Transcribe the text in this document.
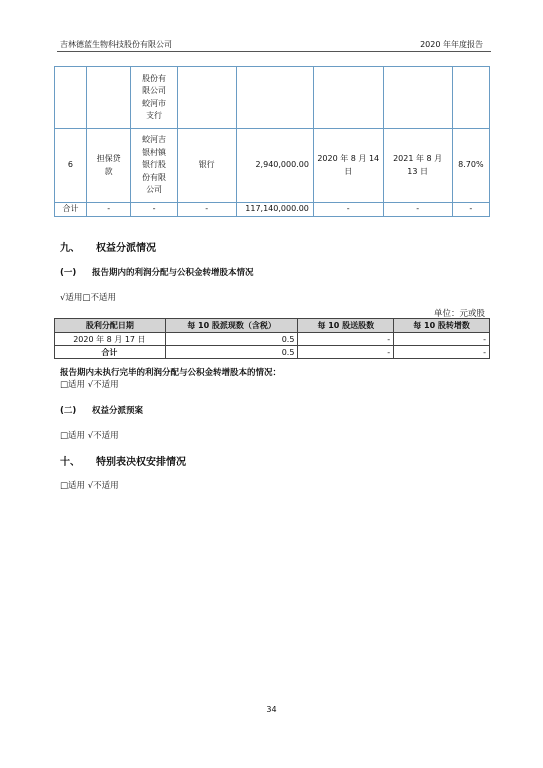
吉林德蓝生物科技股份有限公司	2020 年年度报告

		股份有
限公司
蛟河市
支行					

6	担保贷款	蛟河吉
银村镇
银行股
份有限
公司	银行	2,940,000.00	2020 年 8 月 14 日	2021 年 8 月 13 日	8.70%
合计	-	-	-	117,140,000.00	-	-	-
九、 权益分派情况
(一) 报告期内的利润分配与公积金转增股本情况
√适用□不适用
单位：元或股
股利分配日期	每 10 股派现数（含税）	每 10 股送股数	每 10 股转增数
2020 年 8 月 17 日	0.5	-	-
合计	0.5	-	-
报告期内未执行完毕的利润分配与公积金转增股本的情况：
□适用 √不适用
(二) 权益分派预案
□适用 √不适用
十、 特别表决权安排情况
□适用 √不适用
34
